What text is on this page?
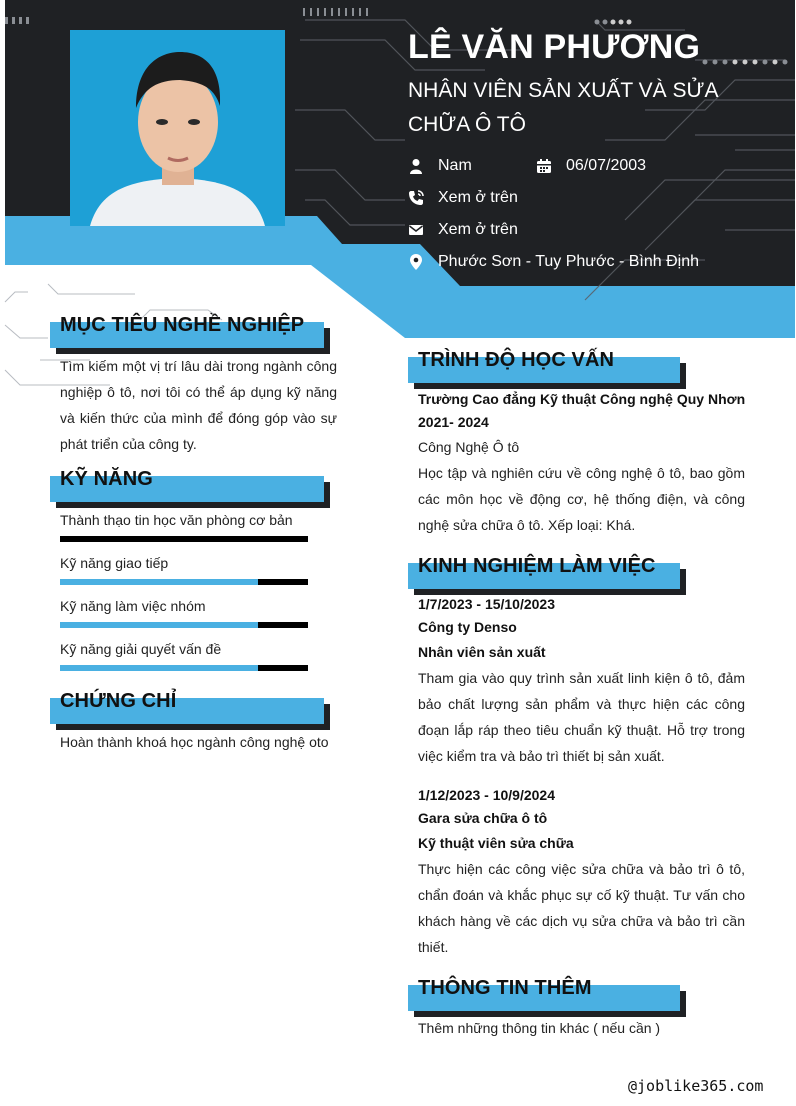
LÊ VĂN PHƯƠNG
NHÂN VIÊN SẢN XUẤT VÀ SỬA CHỮA Ô TÔ
Nam	06/07/2003
Xem ở trên
Xem ở trên
Phước Sơn - Tuy Phước - Bình Định
MỤC TIÊU NGHỀ NGHIỆP
Tìm kiếm một vị trí lâu dài trong ngành công nghiệp ô tô, nơi tôi có thể áp dụng kỹ năng và kiến thức của mình để đóng góp vào sự phát triển của công ty.
KỸ NĂNG
Thành thạo tin học văn phòng cơ bản
Kỹ năng giao tiếp
Kỹ năng làm việc nhóm
Kỹ năng giải quyết vấn đề
CHỨNG CHỈ
Hoàn thành khoá học ngành công nghệ oto
TRÌNH ĐỘ HỌC VẤN
Trường Cao đẳng Kỹ thuật Công nghệ Quy Nhơn
2021- 2024
Công Nghệ Ô tô
Học tập và nghiên cứu về công nghệ ô tô, bao gồm các môn học về động cơ, hệ thống điện, và công nghệ sửa chữa ô tô. Xếp loại: Khá.
KINH NGHIỆM LÀM VIỆC
1/7/2023 - 15/10/2023
Công ty Denso
Nhân viên sản xuất
Tham gia vào quy trình sản xuất linh kiện ô tô, đảm bảo chất lượng sản phẩm và thực hiện các công đoạn lắp ráp theo tiêu chuẩn kỹ thuật. Hỗ trợ trong việc kiểm tra và bảo trì thiết bị sản xuất.
1/12/2023 - 10/9/2024
Gara sửa chữa ô tô
Kỹ thuật viên sửa chữa
Thực hiện các công việc sửa chữa và bảo trì ô tô, chẩn đoán và khắc phục sự cố kỹ thuật. Tư vấn cho khách hàng về các dịch vụ sửa chữa và bảo trì cần thiết.
THÔNG TIN THÊM
Thêm những thông tin khác ( nếu cần )
@joblike365.com
